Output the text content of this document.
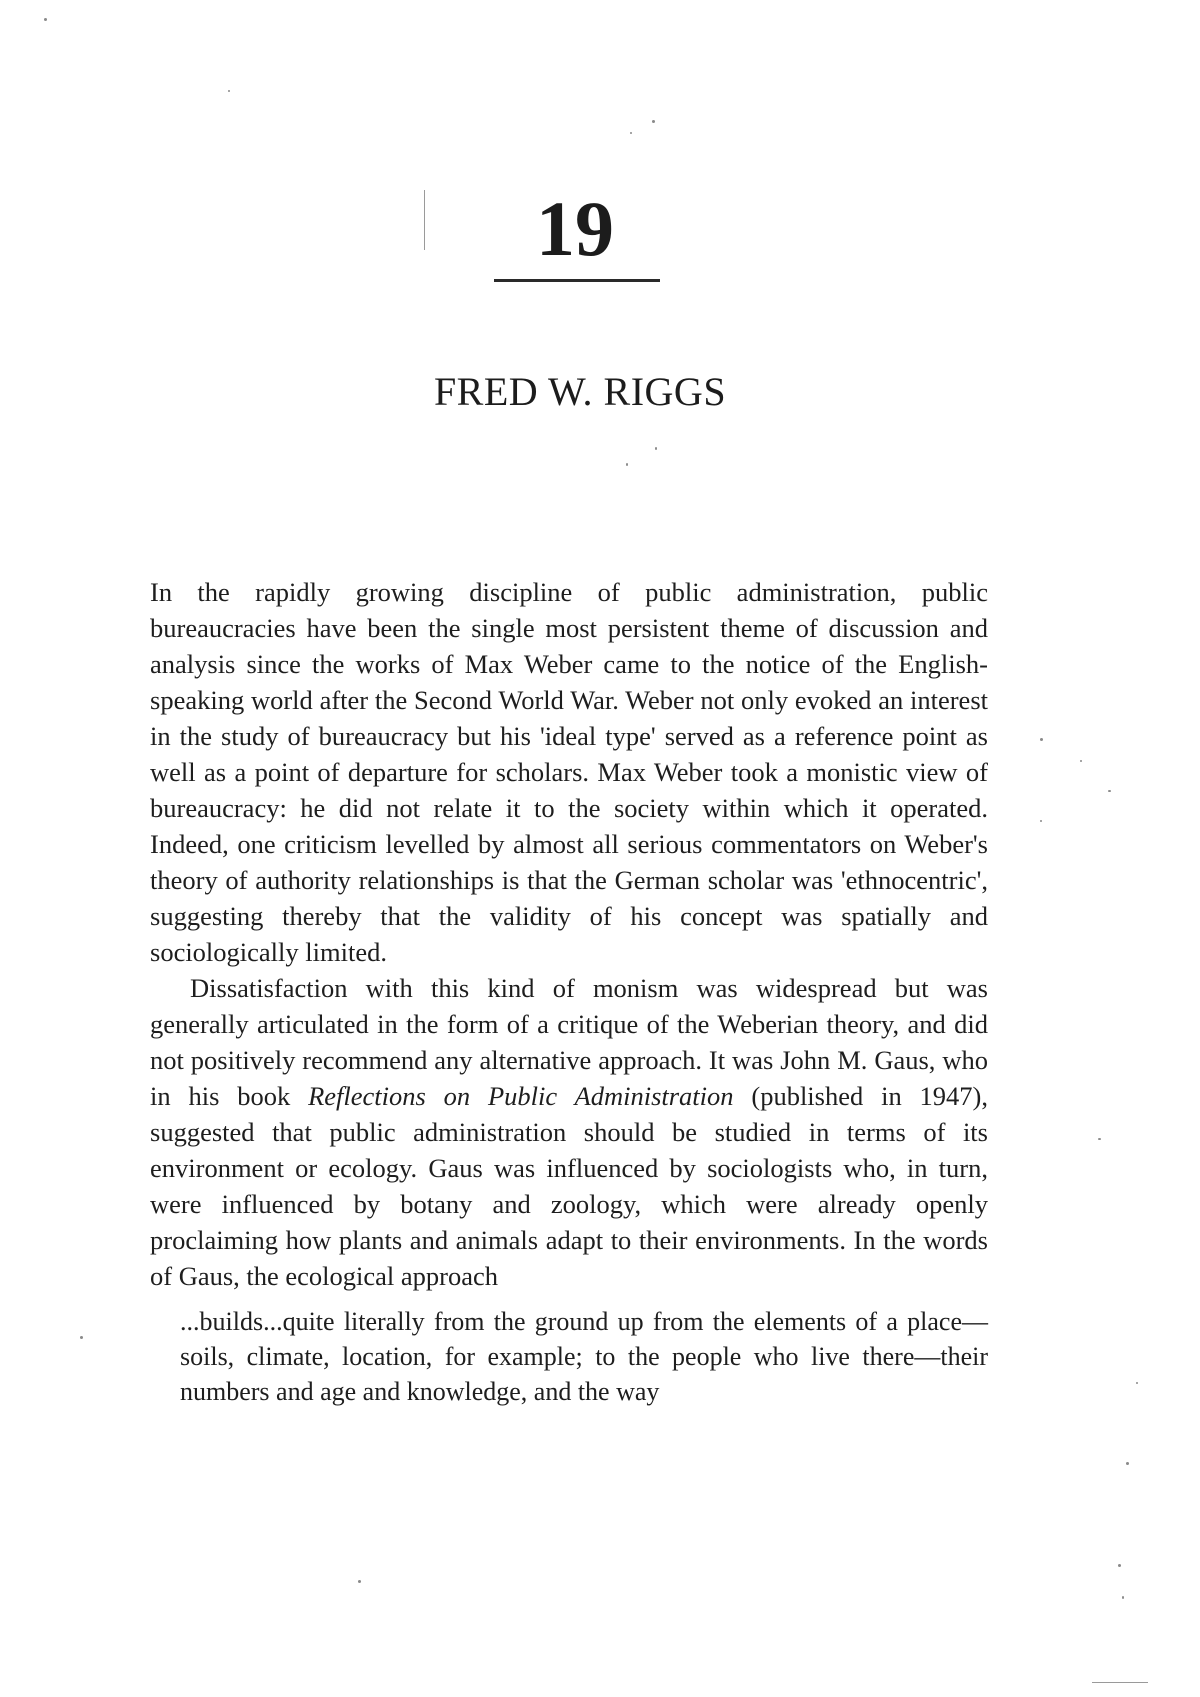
19
FRED W. RIGGS

In the rapidly growing discipline of public administration, public bureaucracies have been the single most persistent theme of discussion and analysis since the works of Max Weber came to the notice of the English-speaking world after the Second World War. Weber not only evoked an interest in the study of bureaucracy but his 'ideal type' served as a reference point as well as a point of departure for scholars. Max Weber took a monistic view of bureaucracy: he did not relate it to the society within which it operated. Indeed, one criticism levelled by almost all serious commentators on Weber's theory of authority relationships is that the German scholar was 'ethnocentric', suggesting thereby that the validity of his concept was spatially and sociologically limited.

Dissatisfaction with this kind of monism was widespread but was generally articulated in the form of a critique of the Weberian theory, and did not positively recommend any alternative approach. It was John M. Gaus, who in his book Reflections on Public Administration (published in 1947), suggested that public administration should be studied in terms of its environment or ecology. Gaus was influenced by sociologists who, in turn, were influenced by botany and zoology, which were already openly proclaiming how plants and animals adapt to their environments. In the words of Gaus, the ecological approach

...builds...quite literally from the ground up from the elements of a place—soils, climate, location, for example; to the people who live there—their numbers and age and knowledge, and the way
